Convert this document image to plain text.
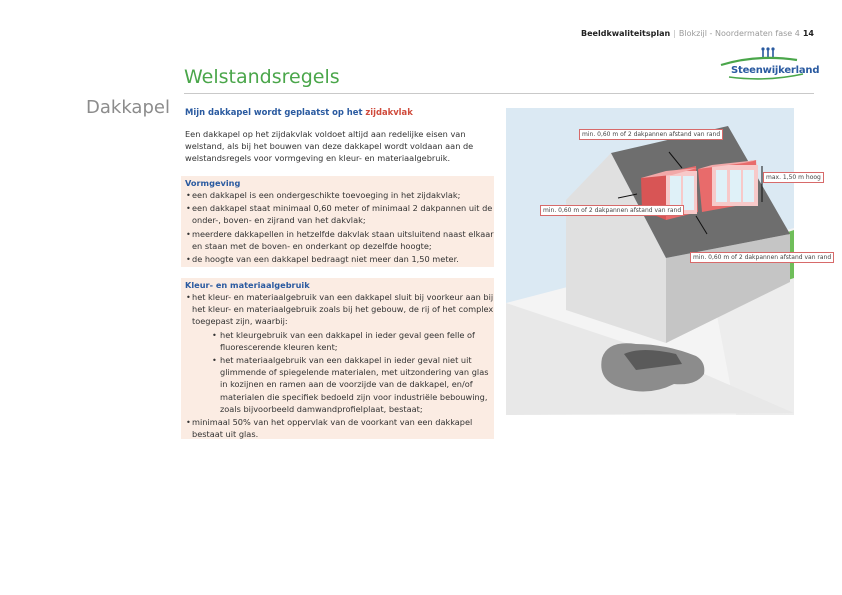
Beeldkwaliteitsplan | Blokzijl - Noordermaten fase 4 14
Steenwijkerland
Welstandsregels
Dakkapel Mijn dakkapel wordt geplaatst op het zijdakvlak
Een dakkapel op het zijdakvlak voldoet altijd aan redelijke eisen van welstand, als bij het bouwen van deze dakkapel wordt voldaan aan de welstandsregels voor vormgeving en kleur- en materiaalgebruik.
Vormgeving
• een dakkapel is een ondergeschikte toevoeging in het zijdakvlak;
• een dakkapel staat minimaal 0,60 meter of minimaal 2 dakpannen uit de onder-, boven- en zijrand van het dakvlak;
• meerdere dakkapellen in hetzelfde dakvlak staan uitsluitend naast elkaar en staan met de boven- en onderkant op dezelfde hoogte;
• de hoogte van een dakkapel bedraagt niet meer dan 1,50 meter.
Kleur- en materiaalgebruik
• het kleur- en materiaalgebruik van een dakkapel sluit bij voorkeur aan bij het kleur- en materiaalgebruik zoals bij het gebouw, de rij of het complex toegepast zijn, waarbij:
• het kleurgebruik van een dakkapel in ieder geval geen felle of fluorescerende kleuren kent;
• het materiaalgebruik van een dakkapel in ieder geval niet uit glimmende of spiegelende materialen, met uitzondering van glas in kozijnen en ramen aan de voorzijde van de dakkapel, en/of materialen die specifiek bedoeld zijn voor industriële bebouwing, zoals bijvoorbeeld damwandprofielplaat, bestaat;
• minimaal 50% van het oppervlak van de voorkant van een dakkapel bestaat uit glas.
min. 0,60 m of 2 dakpannen afstand van rand
min. 0,60 m of 2 dakpannen afstand van rand
max. 1,50 m hoog
min. 0,60 m of 2 dakpannen afstand van rand
